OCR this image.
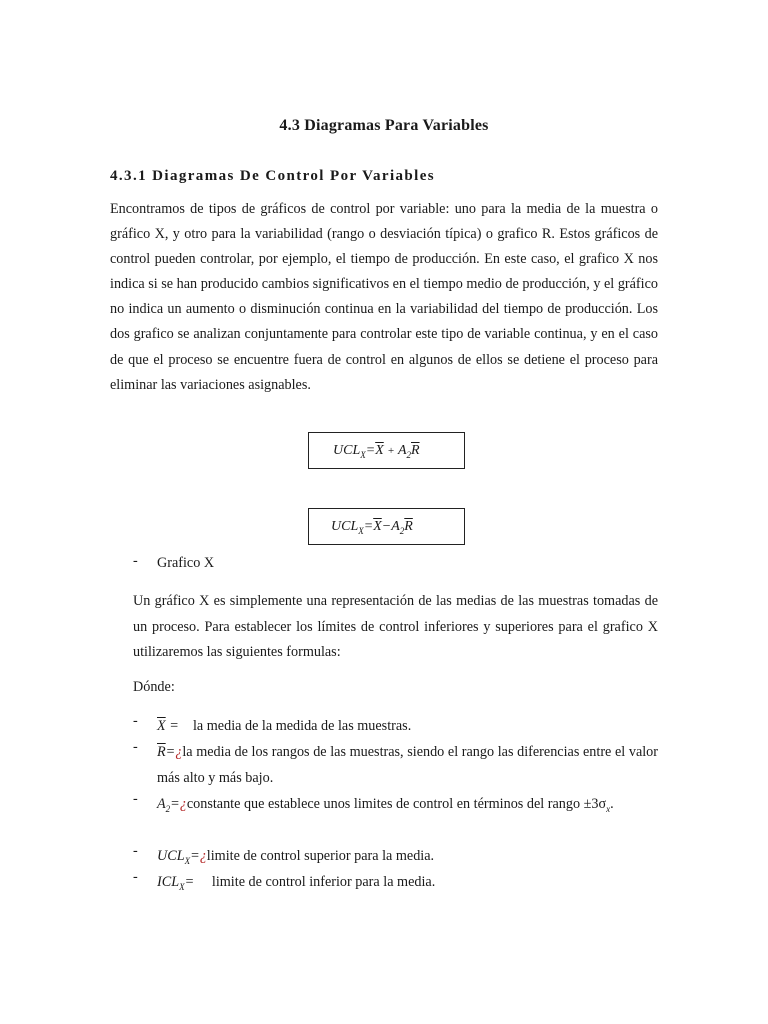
4.3 Diagramas Para Variables
4.3.1 Diagramas De Control Por Variables

Encontramos de tipos de gráficos de control por variable: uno para la media de la muestra o gráfico X, y otro para la variabilidad (rango o desviación típica) o grafico R. Estos gráficos de control pueden controlar, por ejemplo, el tiempo de producción. En este caso, el grafico X nos indica si se han producido cambios significativos en el tiempo medio de producción, y el gráfico no indica un aumento o disminución continua en la variabilidad del tiempo de producción. Los dos grafico se analizan conjuntamente para controlar este tipo de variable continua, y en el caso de que el proceso se encuentre fuera de control en algunos de ellos se detiene el proceso para eliminar las variaciones asignables.

$UCL_X=\overline{X} + A_2\overline{R}$
$UCL_X=\overline{X}-A_2\overline{R}$
- Grafico X

Un gráfico X es simplemente una representación de las medias de las muestras tomadas de un proceso. Para establecer los límites de control inferiores y superiores para el grafico X utilizaremos las siguientes formulas:

Dónde:

- $\overline{X}$ = la media de la medida de las muestras.
- $\overline{R}=¿la$ media de los rangos de las muestras, siendo el rango las diferencias entre el valor más alto y más bajo.
- $A_2=¿constante$ que establece unos limites de control en términos del rango $\pm 3\sigma_x$.
- $UCL_X=¿limite$ de control superior para la media.
- $ICL_X=$ limite de control inferior para la media.
